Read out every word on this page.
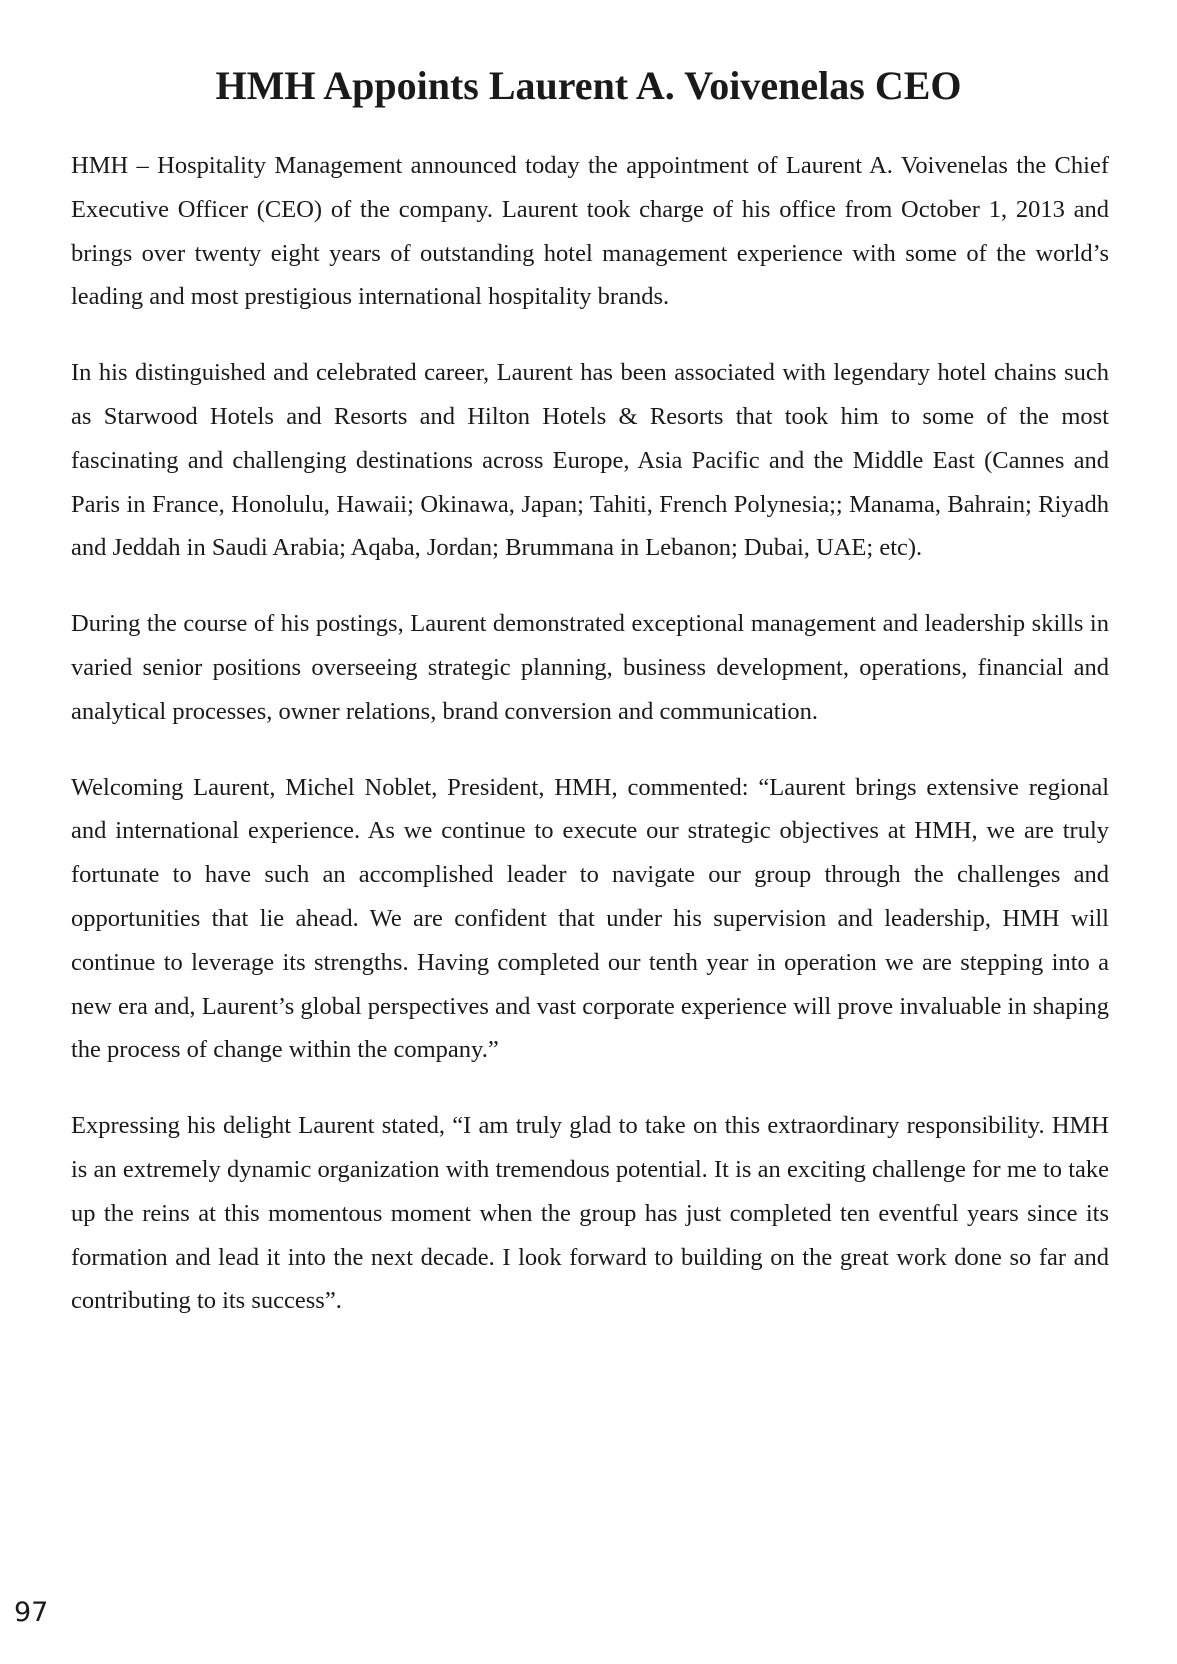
HMH Appoints Laurent A. Voivenelas CEO

HMH – Hospitality Management announced today the appointment of Laurent A. Voivenelas the Chief Executive Officer (CEO) of the company. Laurent took charge of his office from October 1, 2013 and brings over twenty eight years of outstanding hotel management experience with some of the world’s leading and most prestigious international hospitality brands.

In his distinguished and celebrated career, Laurent has been associated with legendary hotel chains such as Starwood Hotels and Resorts and Hilton Hotels & Resorts that took him to some of the most fascinating and challenging destinations across Europe, Asia Pacific and the Middle East (Cannes and Paris in France, Honolulu, Hawaii; Okinawa, Japan; Tahiti, French Polynesia;; Manama, Bahrain; Riyadh and Jeddah in Saudi Arabia; Aqaba, Jordan; Brummana in Lebanon; Dubai, UAE; etc).

During the course of his postings, Laurent demonstrated exceptional management and leadership skills in varied senior positions overseeing strategic planning, business development, operations, financial and analytical processes, owner relations, brand conversion and communication.

Welcoming Laurent, Michel Noblet, President, HMH, commented: “Laurent brings extensive regional and international experience. As we continue to execute our strategic objectives at HMH, we are truly fortunate to have such an accomplished leader to navigate our group through the challenges and opportunities that lie ahead. We are confident that under his supervision and leadership, HMH will continue to leverage its strengths. Having completed our tenth year in operation we are stepping into a new era and, Laurent’s global perspectives and vast corporate experience will prove invaluable in shaping the process of change within the company.”

Expressing his delight Laurent stated, “I am truly glad to take on this extraordinary responsibility. HMH is an extremely dynamic organization with tremendous potential. It is an exciting challenge for me to take up the reins at this momentous moment when the group has just completed ten eventful years since its formation and lead it into the next decade. I look forward to building on the great work done so far and contributing to its success”.

97
